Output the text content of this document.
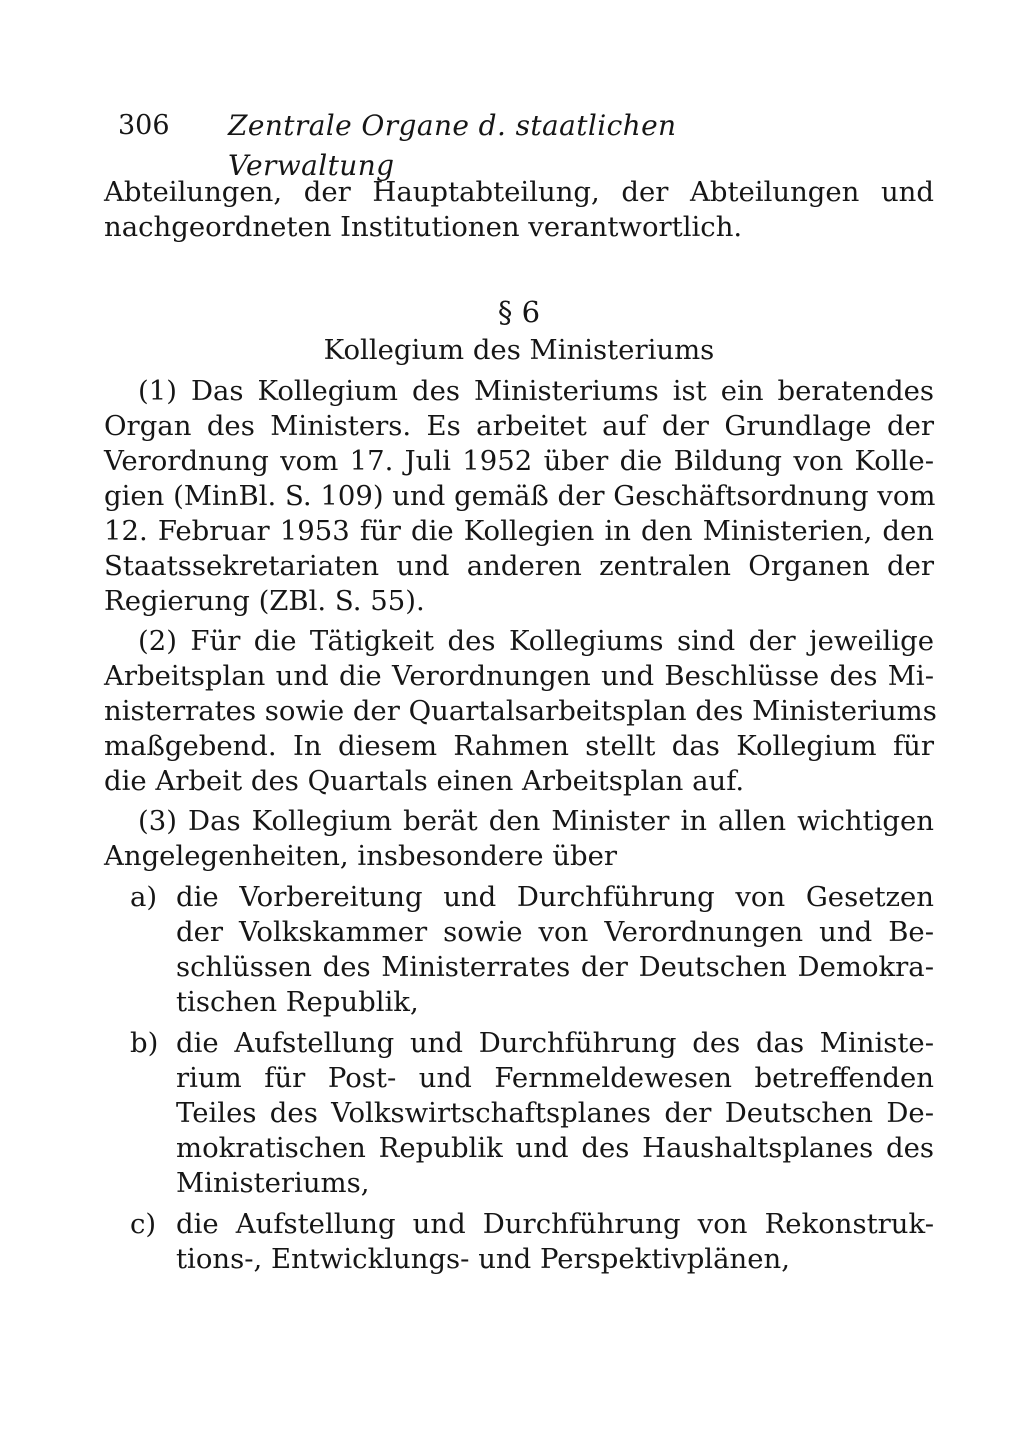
306 Zentrale Organe d. staatlichen Verwaltung
Abteilungen, der Hauptabteilung, der Abteilungen und
nachgeordneten Institutionen verantwortlich.
§ 6
Kollegium des Ministeriums
(1) Das Kollegium des Ministeriums ist ein beratendes
Organ des Ministers. Es arbeitet auf der Grundlage der
Verordnung vom 17. Juli 1952 über die Bildung von Kolle-
gien (MinBl. S. 109) und gemäß der Geschäftsordnung vom
12. Februar 1953 für die Kollegien in den Ministerien, den
Staatssekretariaten und anderen zentralen Organen der
Regierung (ZBl. S. 55).
(2) Für die Tätigkeit des Kollegiums sind der jeweilige
Arbeitsplan und die Verordnungen und Beschlüsse des Mi-
nisterrates sowie der Quartalsarbeitsplan des Ministeriums
maßgebend. In diesem Rahmen stellt das Kollegium für
die Arbeit des Quartals einen Arbeitsplan auf.
(3) Das Kollegium berät den Minister in allen wichtigen
Angelegenheiten, insbesondere über
a) die Vorbereitung und Durchführung von Gesetzen
der Volkskammer sowie von Verordnungen und Be-
schlüssen des Ministerrates der Deutschen Demokra-
tischen Republik,
b) die Aufstellung und Durchführung des das Ministe-
rium für Post- und Fernmeldewesen betreffenden
Teiles des Volkswirtschaftsplanes der Deutschen De-
mokratischen Republik und des Haushaltsplanes des
Ministeriums,
c) die Aufstellung und Durchführung von Rekonstruk-
tions-, Entwicklungs- und Perspektivplänen,
